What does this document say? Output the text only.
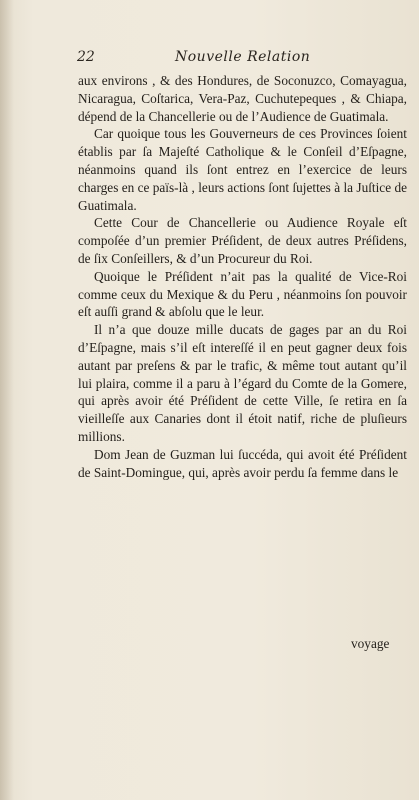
22	Nouvelle Relation

aux environs , & des Hondures, de Soconuzco, Comayagua, Nicaragua, Coſtarica, Vera-Paz, Cuchutepeques , & Chiapa, dépend de la Chancellerie ou de l’Audience de Guatimala.

Car quoique tous les Gouverneurs de ces Provinces ſoient établis par ſa Majeſté Catholique & le Conſeil d’Eſpagne, néanmoins quand ils ſont entrez en l’exercice de leurs charges en ce païs-là , leurs actions ſont ſujettes à la Juſtice de Guatimala.

Cette Cour de Chancellerie ou Audience Royale eſt compoſée d’un premier Préſident, de deux autres Préſidens, de ſix Conſeillers, & d’un Procureur du Roi.

Quoique le Préſident n’ait pas la qualité de Vice-Roi comme ceux du Mexique & du Peru , néanmoins ſon pouvoir eſt auſſi grand & abſolu que le leur.

Il n’a que douze mille ducats de gages par an du Roi d’Eſpagne, mais s’il eſt intereſſé il en peut gagner deux fois autant par preſens & par le trafic, & même tout autant qu’il lui plaira, comme il a paru à l’égard du Comte de la Gomere, qui après avoir été Préſident de cette Ville, ſe retira en ſa vieilleſſe aux Canaries dont il étoit natif, riche de pluſieurs millions.

Dom Jean de Guzman lui ſuccéda, qui avoit été Préſident de Saint-Domingue, qui, après avoir perdu ſa femme dans le

voyage
